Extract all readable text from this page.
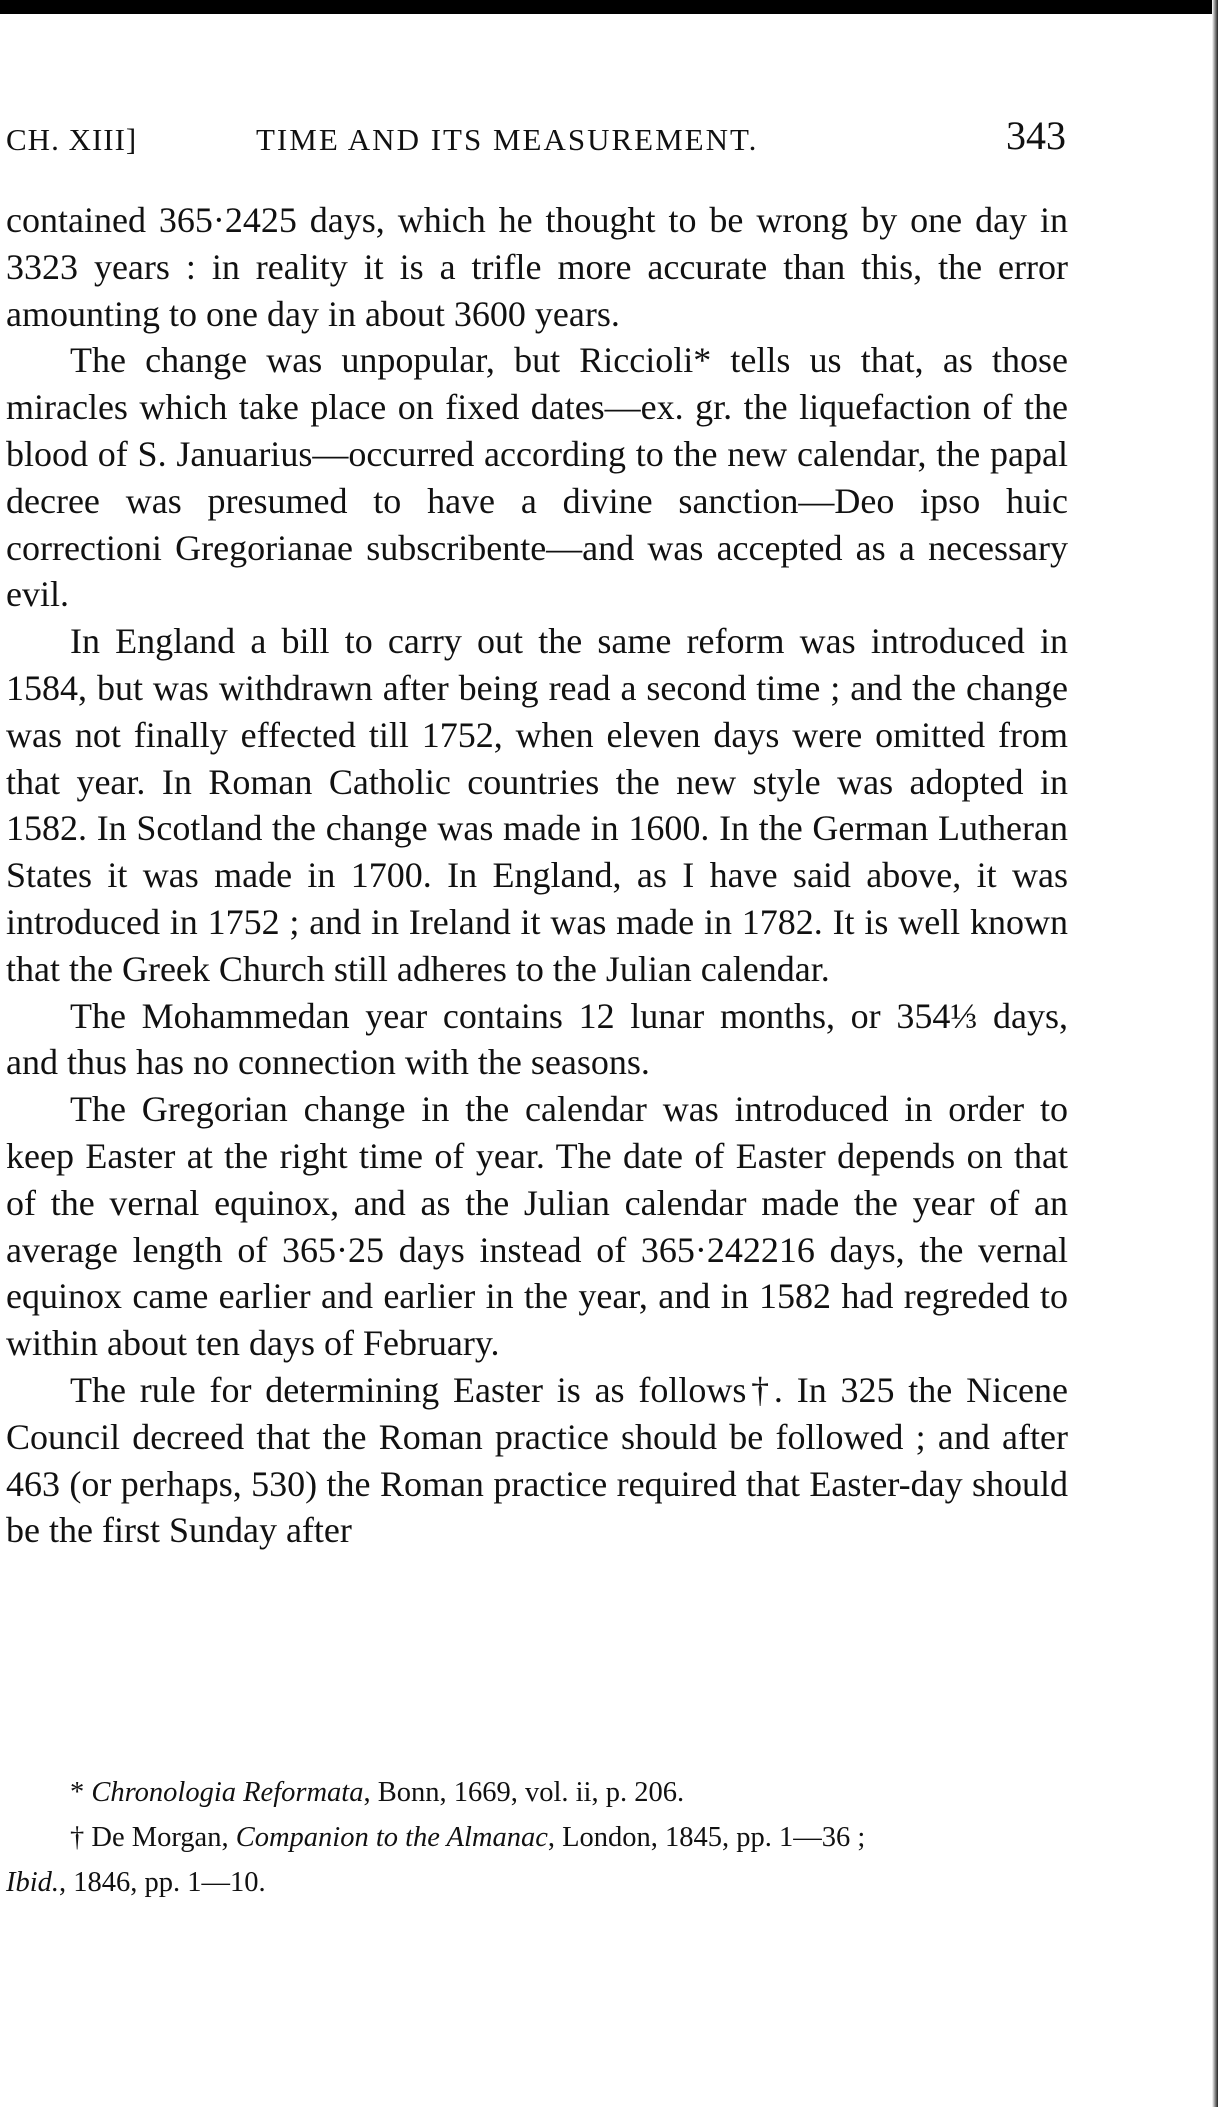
CH. XIII]	TIME AND ITS MEASUREMENT.	343

contained 365·2425 days, which he thought to be wrong by one day in 3323 years : in reality it is a trifle more accurate than this, the error amounting to one day in about 3600 years.

The change was unpopular, but Riccioli* tells us that, as those miracles which take place on fixed dates—ex. gr. the liquefaction of the blood of S. Januarius—occurred according to the new calendar, the papal decree was presumed to have a divine sanction—Deo ipso huic correctioni Gregorianae subscribente—and was accepted as a necessary evil.

In England a bill to carry out the same reform was introduced in 1584, but was withdrawn after being read a second time ; and the change was not finally effected till 1752, when eleven days were omitted from that year. In Roman Catholic countries the new style was adopted in 1582. In Scotland the change was made in 1600. In the German Lutheran States it was made in 1700. In England, as I have said above, it was introduced in 1752 ; and in Ireland it was made in 1782. It is well known that the Greek Church still adheres to the Julian calendar.

The Mohammedan year contains 12 lunar months, or 354⅓ days, and thus has no connection with the seasons.

The Gregorian change in the calendar was introduced in order to keep Easter at the right time of year. The date of Easter depends on that of the vernal equinox, and as the Julian calendar made the year of an average length of 365·25 days instead of 365·242216 days, the vernal equinox came earlier and earlier in the year, and in 1582 had regreded to within about ten days of February.

The rule for determining Easter is as follows†. In 325 the Nicene Council decreed that the Roman practice should be followed ; and after 463 (or perhaps, 530) the Roman practice required that Easter-day should be the first Sunday after

* Chronologia Reformata, Bonn, 1669, vol. ii, p. 206.

† De Morgan, Companion to the Almanac, London, 1845, pp. 1—36 ;

Ibid., 1846, pp. 1—10.
